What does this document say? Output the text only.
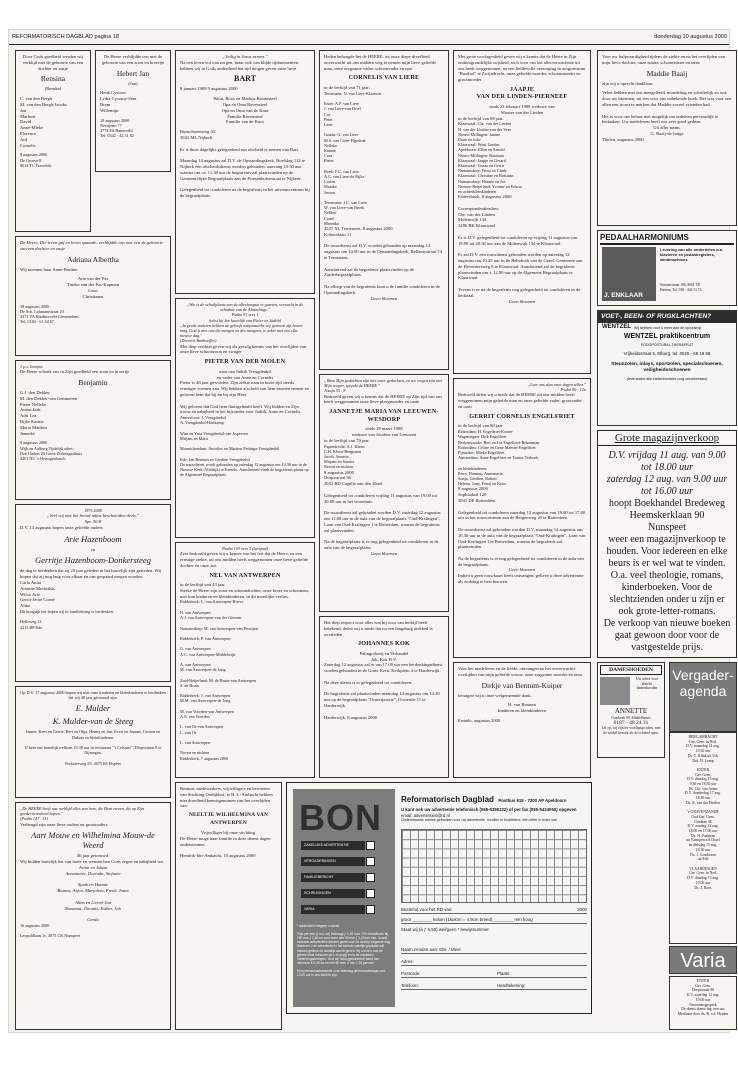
REFORMATORISCH DAGBLAD pagina 18	donderdag 10 augustus 2000
Door Gods goedheid werden wij verblijd met de geboorte van een dochter en zusje
Rensina
(Renske)
C. van den Bergh
M. van den Bergh-Jacobs
Jan
Marleen
David
Anne-Mieke
Florence
Ard
Cornelis
8 augustus 2000
De Groeve 8
8014 TC Frawelds
De Heere verblijdde ons met de geboorte van een zoon en broertje
Hebert Jan
(Jan)
Henk Cysouw
Lydia Cysouw-Sent
Bram
Willemijn
10 augustus 2000
Neerijnen 77
3772 ES Barneveld
Tel. 0342 - 42 31 82
De Heere, Die leven gaf en leven spaarde, verblijdde ons met een de geboorte van een dochter en zusje
Adriana Albertha
Wij noemen haar Anne-Bertine.
Arie van der Pas
Tineke van der Pas-Kapman
Leon
Christiaans
18 augustus 2000
De Sch. Lokmantstraat 20
3371 VA Hardinxveld-Giessendam
Tel. 0184 - 61 44 67
1 p.s. Ioanjus
De Heere schonk ons in Zijn goedheid een zoon en broertje
Benjamin
G.J. den Dekker
M. den Dekker-van Gemmeren
Pieter Nelleke
Anton Izak
Adri Lea
Bijke Karina
Maria Matthea
Janneke
8 augustus 2000
Wijk en Aalburg Tijdelijk adres:
Den Oudert 20 Groot Ziekengasthuis
4261 NC 's-Hertogenbosch
1975 2000
„Veel wij met het brood mijns beschoeiden deels."
Spr. 30:8
D.V. 14 augustus hopen onze geliefde ouders
Arie Hazenboom
en
Gerritje Hazenboom-Donkersteeg
de dag te herdenken dat zij 25 jaar geleden in het huwelijk zijn getreden. Wij hopen dat zij nog lang voor elkaar en ons gespaard mogen worden.
Carla Anita
Arianne Mechtilda
Wilco Arie
Gerrit-Jeroe Corné
Aline
Dit hoogtijk het hopen wij in familiekring te herdenken.

Holleweg 21
4213 BP Ede
Op D.V. 17 augustus 2000 hopen wij met onze kinderen en kleinkinderen te herdenken dat wij 40 jaar getrouwd zijn.
E. Mulder
K. Mulder-van de Steeg
Jannie, Kees en Gerrie, Bert en Olga, Henny en Jan, Evert en Joanne, Gossen en Dakota en kleinkinderen.

U bent ons hartelijk welkom 19.30 uur in restaurant "'t Celsiuss", Dorpsstraat 8 te Nijmegen.

Perkoterweg 55, 4075 BJ Elspeet
„De HEERE heeft ons verblijd alles van hem, die Hem vrezen, die op Zijn goedertierenheid hopen."
(Psalm 147 : 11)
Verheugd zijn onze lieve ouders en grootouders
Aart Mouw en Wilhelmina Mouw-de Weerd
40 jaar getrouwd.
Wij bidden hartelijk het van harte en wensen hen Gods zegen en nabijheid toe.
Arina en Johan
Annemarie, Dorinda, Stefanie

Sjaak en Hannie
Bianca, Arjen, Marjolein, Freek, Janet

Allen en Gerrit-Jan
Rozanna, Theunis, Esther, Job

Gerda
16 augustus 2000

Leopoldlaan 1c, 4073 CK Nunspeet
„Veilig in Jezus armen."
Na een leven vol van zorgen, maar ook van blijde tijdmomenten, hebben wij in Gods ondertheid het tijd mogen geven onze lieve
BART
8 januari 1909 9 augustus 2000
Wout, Roos en Mathijs Ravensteel
Opa en Oma Ravensteel
Opa en Oma van de Knot
Familie Ravensteel
Familie van de Knot
Bunschotenweg 63
3941 ML Nijkerk

Er is thuis dagelijks gelegenheid om afscheid te nemen van Bart.

Maandag 14 augustus zal D.V. de Opstandingskerk, Hoefslag 112 te Nijkerk een afscheidsdienst worden gehouden, aanvang 10.30 uur, waarna om ca. 11.30 uur de begrafenis zal plaatsvinden op de Gemeentelijke Begraafplaats aan de Prinsenhofsestraat te Nijkerk.

Gelegenheid tot condoleren na de begrafenis in het uitvaartcentrum bij de begraafplaats.
„Wie is de schuilplaats van de allerhoogste te gezeten, vernacht in de schaduw van de Almachtige."
Psalm 91 vers 1
(tekst bij het huwelijk van Pieter en Judith)
„In geede vaderen hebben de geloofs tempiasterks wij getroost zijt boven mag. God is met ons die morgen en des morgens, te zeker met ons elke nieuwe dag."
(Dietrich Bonhoeffer)
Met diep verdriet geven wij als gevolg kennis van het overlijden van onze lieve schoonzoon en zwager
PIETER VAN DER MOLEN
man van Judith Vreugdenhil
en vader van Anne en Cornelis
Pieter is 46 jaar geworden. Zijn ziekte nam in korte tijd steeds ernstiger vormen aan. Wij hebben afscheid van hem moeten nemen en geloven hem dat hij nu bij zijn Heer.

Wij geloven dat God hem thuisgehaald heeft. Wij bidden en Zijn troost en nabijheid in het bijzonder voor Judith, Anne en Cornelis.
Amersfoort: J. Vreugdenhil
A. Vreugdenhil-Hartkamp

Wim en Yma Vreugdenhil-van Aspersen
Mirjam en Marti

Monnickendam: Ansolies en Martien Pettinga-Vreugdenhil

Ede: Jan Bentum en Gerdine Vreugdenhil
De rouwdienst wordt gehouden op zaterdag 12 augustus om 10.30 uur in de Nieuwe Kerk (Voldrijk) te Ermelo. Aansluitend vindt de begrafenis plaats op de Algemene Begraafplaats.
Psalm 103 vers 3 (berijmd)
Zeer bedroefd geven wij u kennis van het feit dat de Heere, na een ernstige ziekte, uit ons midden heeft weggenomen onze lieve geliefde dochter en onze zus
NEL VAN ANTWERPEN
in de leeftijd van 43 jaar.
Sterke de Heere zijn zoon en schoondochter, onze broer en schoonzus, met hun kinderen en kleinkinderen, in dit moeilijke verlies.
Ridderkerk: L. van Antwerpen-Hoeve

H. van Antwerpen
A.J. van Antwerpen-van der Giessen

Numansdorp: M. van Antwerpen-van Prooijen

Ridderkerk: P. van Antwerpen

G. van Antwerpen
A.C. van Antwerpen-Middelwijk

A. van Antwerpen
M. van Antwerpen-de Jong

Zuid-Beijerland: M. de Bruin-van Antwerpen
S. de Bruin

Ridderkerk: J. van Antwerpen
M.M. van Antwerpen-de Jong

M. van Voorden-van Antwerpen
A.S. van Voorden

L. van Os-van Antwerpen
L. van Os

L. van Antwerpen

Neven en nichten
Ridderkerk, 7 augustus 2000
Bestuur, medewerkers, vrijwilligers en bewoners van Stichting Oudijkhof, te H.-I.-Ambacht hebben met droefheid kennisgenomen van het overlijden van
NEELTJE WILHELMINA VAN ANTWERPEN
Vrijwilliger bij onze stichting.
De Heere moge haar familie in deze dienst dagen ondersteunen.

Hendrik-Ido-Ambacht, 10 augustus 2000
Heden behaagde het de HEERE, tot onze diepe droefheid, onverwacht uit ons midden weg te nemen mijn lieve geliefde man, onze zorgzame vader, schoonvader en opa
CORNELIS VAN LIERE
in de leeftijd van 71 jaar.
Terneuzen: N. van Liere-Klaassen

Enter: A.P. van Liere
J. van Liere-van Driel
Cor
Peter
Leen

Gouda: G. van Liere
M.S. van Liere-Pijpelink
Nelleke
Rianne
Cora
Pieter

Boek: F.C. van Liere
A.C. van Liere-de Rijke
Corien
Maaike
Jeroen

Terneuzen: J.C. van Liere
W. van Liere-van Broek
Nelline
Corné
Marenka
4537 XL Terneuzen, 8 augustus 2000
Koboorlaan 11

De rouwdienst zal D.V. worden gehouden op maandag 14 augustus om 14.00 uur in de Opstandingskerk, Bellamystraat 74 te Terneuzen.

Aansluitend zal de begrafenis plaatsvinden op de Zuiderbegraafplaats.

Na afloop van de begrafenis kunt u de familie condoleren in de Opstandingskerk.
Geen bloemen
„Want Mijn gedachten zijn niet uwer gedachten, en uw wegen zijn niet Mijn wegen, spreekt de HEERE."
Jesaja 55 : 8
Bedroefd geven wij u kennis dat de HEERE op Zijn tijd van ons heeft weggenomen onze lieve pleegmoeder en tante
JANNETJE MARIA VAN LEEUWEN-WESDORP
sinds 18 maart 1988
weduwe van Jacobus van Leeuwen
in de leeftijd van 79 jaar.
Papendrecht: A.J. Kleen
C.H. Kleen-Bergmans
Jacob, Annette,
Mirjam en Sander
Neven en nichten
8 augustus 2000
Dorpsstraat 36
2952 BD Capelle aan den IJssel

Gelegenheid tot condoleren vrijdag 11 augustus van 19.00 tot 20.00 uur in het woonhuis.

De rouwdienst zal gehouden worden D.V. zaterdag 12 augustus om 11.00 uur in de aula van de begraafplaats "Oud-Kralingen", Laan van Oud-Kralingen 1 te Rotterdam, waarna de begrafenis zal plaatsvinden.

Na de begraafplaats is er nog gelegenheid tot condoleren in de aula van de begraafplaats.
Geen bloemen
Het diep respect voor alles wat hij voor ons bedrijf heeft betekend, delen wij u mede dat na een langdurig ziekbed is overleden
JOHANNES KOK
Palingrokerij en Vishandel
Joh. Kok B.V.
Zaterdag 12 augustus zal er om 17.00 uur een herdenkingsdienst worden gehouden in de Grote Kerk, Kerkplein 4 te Harderwijk.

Na deze dienst is er gelegenheid tot condoleren.

De begrafenis zal plaatsvinden maandag 14 augustus om 14.30 uur op de begraafplaats "Oosterpoorte", Oostende 11 te Harderwijk.

Harderwijk, 8 augustus 2000
Met grote verslagenheid geven wij u kennis dat de Heere in Zijn ondoorgrondelijke wijsheid, toch voor ons het allerverwachtste uit ons heeft weggenomen, na een liefdevolle verzorging in zorgcentrum "Rusthof" te Zwijndrecht, onze geliefde moeder, schoonmoeder en grootmoeder
JAAPJE
VAN DER LINDEN-PIERNEEF
sinds 23 februari 1988 weduwe van
Wouter van der Linden
in de leeftijd van 88 jaar.
Klaaswaal: Chr. van der Linden
H. van der Linden-van der Veer
Nieuw-Millingen: Janine
Daan en Joke
Klaaswaal: Wout Linden
Apeldoorn: Ellen en Arnold
Nieuw-Millingen: Bastiaan
Klaaswaal: Jaapje en Gerard
Klaaswaal: Gonia en Gerrit
Numansdorp: Wout en Cindy
Klaaswaal: Christine en Bastiaan
Numansdorp: Hannie en Jos
Nieuwe-Beijerland: Yvonne en Edwin
en achterkleinkinderen
Pattershoek, 8 augustus 2000

Correspondentieadres:
Chr. van der Linden
Molenwijk 134
3286 BK Klaaswaal

Er is D.V. gelegenheid tot condoleren op vrijdag 11 augustus van 19.00 tot 20.30 uur aan de Molenwijk 134 te Klaaswaal.

Er zal D.V. een rouwdienst gehouden worden op zaterdag 12 augustus om 10.45 uur in de Rehoboth van de Geref. Gemeente aan de Hoveniersweg 8 te Klaaswaal. Aansluitend zal de begrafenis plaatsvinden om ± 12.00 uur op de Algemene Begraafplaats te Klaaswaal.

Tevens is er na de begrafenis nog gelegenheid tot condoleren in de kerkzaal.
Geen bloemen
„Leer ons alzo onze dagen tellen."
Psalm 90 : 12a
Bedroefd delen wij u mede dat de HEERE uit ons midden heeft weggenomen mijn geliefde man en onze geliefde vader, grootvader en oom
GERRIT CORNELIS ENGELFRIET
in de leeftijd van 80 jaar.
Rotterdam: H. Engelfriet-Kooter
Wageningen: Dirk Engelfriet
Berkenwoude: Bert en Lia Engelfriet-Bekenman
Rotterdam: Celine en Gene Maestri-Engelfriet
Pijnacker: Mieke Engelfriet
Amsterdam: Anne Engelfriet en Tomas Verhoek

en kleinkinderen:
Petra, Harman, Annemarie,
Sonja, Gerdien, Robert
Helena, Joep, Fenaj en Koos
8 augustus 2000
Sophiadaal 120
3041 DE Rotterdam

Gelegenheid tot condoleren zaterdag 12 augustus van 18.00 tot 17.00 uur in het rouwcentrum aan de Bergenweg 20 te Rotterdam.

De rouwdienst zal gehouden worden D.V. maandag 14 augustus om 10.30 uur in de aula van de begraafplaats "Oud-Kralingen", Laan van Oud-Kralingen 1 te Rotterdam, waarna de begrafenis zal plaatsvinden.

Na de begrafenis is er nog gelegenheid tot condoleren in de aula van de begraafplaats.
Geen bloemen
Indien u geen rouwkaart heeft ontvangen, gelieve u deze advertentie als zodanig te beschouwen.
Voor het medeleven en de liefde, ontvangen na het onverwachte overlijden van mijn geliefde vrouw, onze zorgzame moeder en oma
Dirkje van Bentum-Kuiper
betuigen wij u onze welgemeende dank.
H. van Bentum
kinderen en kleinkinderen
Ermelo, augustus 2000
Voor uw hulpvaardigheid tijdens de ziekte en na het overlijden van mijn lieve dochter, onze zuster, schoonzuster en tante
Maddie Baaij
zijn wij u oprecht dankbaar.
Velen hebben met ons meegeleefd, mondeling en schriftelijk en ook door uw bloemen, uit een voor ons onbekende hoek. Het was voor ons allen een troost te merken dat Maddie zoveel vrienden had.

Het is voor ons helaas niet mogelijk om iedereen persoonlijk te bedanken. Uw medeleven heeft ons zeer goed gedaan.
Uit aller naam,
G. Baaij-de Jonge
Tholen, augustus 2000
PEDAALHARMONIUMS
J. ENKLAAR
Levering van alle onderdelen o.a. klavieren en pedaalregisters, windmachines
Stationsstraat 186, 8061 TD
Hattem, Tel. 038 - 444 31 74
VOET-, BEEN- OF RUGKLACHTEN?
WENTZEL Wij hebben voor u meer dan de oplossing!
WENTZEL praktikcentrum
PODOPOSTURAL THERAPEUT
Vrijheidsstraat 6, Elburg, tel. 0525 - 69 19 59
Steunzolen, inlays, sportzolen, specialschoenen, veiligheidsschoenen
(leverancier alle ziekenfondsen zorg-verzekeraars)
Grote magazijnverkoop
D.V. vrijdag 11 aug. van 9.00
tot 18.00 uur
zaterdag 12 aug. van 9.00 uur
tot 16.00 uur
hoopt Boekhandel Bredeweg
Heemskerklaan 90
Nunspeet
weer een magazijnverkoop te houden. Voor iedereen en elke beurs is er wel wat te vinden. O.a. veel theologie, romans, kinderboeken. Voor de slechtzienden onder u zijn er ook grote-letter-romans.
De verkoop van nieuwe boeken gaat gewoon door voor de vastgestelde prijs.
DAMESHOEDEN
Uw adres voor
allerlei dameshoeden
ANNETTE
Oosthoek 90, Middelharnis
0187 - 48 24 31
Let op, wij zijn ter voorlopige adres, met de winkel bezoek als de ochtend open.
Vergader-agenda
BERGAMBACHT
Ger. Gem. in Ned.
D.V. maandag 14 aug.
19.30 uur
Ds. Y. Klink uit Urk
Drd. H. Lemp

ENTER
Ger. Gem.
D.V. dinsdag 15 aug.
9.30 en 18.30 uur
Ds. Chr. van Aalen
D.V. donderdag 17 aug.
18.30 uur
Ds. R. van der Heiden

's-GRAVENZANDE
Oud Ger. Gem.
Ganlaan 48
D.V. zondag 13 aug.
18.00 en 17.00 uur
Ds. H. Paalman
uit Krimpen a/d IJssel
en dinsdag 15 aug.
18.30 uur
Ds. J. Goudriaan
uit Ede

VLAARDINGEN
Ger. Gem. in Ned.
D.V. dinsdag 15 aug.
19.00 uur
Ds. J. Roos
Varia
ENTER
Ger. Gem.
Dorpsstraat 80
D.V. zaterdag 12 aug.
19.00 uur
Pastoraatsgesprek
De dienst dienst ing. een uur
Meditatie door ds. B. v.d. Heiden
BON
ZAKELIJKE ADVERTENTIE
VERGADERINGEN
FAMILIEBERICHT
SCHRIJVINGEN
VARIA
* aankruisen hetgeen u wenst

Prijs per mm (1 kol. en) bedraagt ƒ 1,25 voor 70% bruto/bruto bij 150 mm ƒ 1,60 en voor meer dan 50 mm ƒ 1,19 per mm. Vooraf betaalde advertenties worden gezet voor de daarop volgende dag. Wanneer u de advertentie in het tweede zakelijk geplaatst wilt hebben gelieve dit duidelijk aan te geven. Bij u kunt u ook de gehele tekst toesturen (b.v. in kopij) en in de rubrieken Varia/Vergaderingen. Voor de Varia (gesorteerd) tarief mm minimum € 2,45 tot en met 50 mm. 1 mm 1,33 per mm

Een persoonsadvertentie voor zaterdag dient donderdags voor 13.00 uur in ons bezit te zijn.
Reformatorisch Dagblad Postbus 615 - 7300 AP Apeldoorn
U kunt ook uw advertentie telefonisch (055-5390222) of per fax (055-5424060) opgeven
email: advertenties@rd.nl
Onderstaande rubriek gebruiken voor uw advertentie. Invullen in blokletters, één letter in ieder vak
Bestemd voor het RD van:	2000
groot ________ kolom (1kolom = 4.9cm breed) ________ mm hoog
Staat wij (à ƒ 5,50) wel/geen * bewijsnummer.
Naam zenden aan: Dhr. / Mevr.
Adres:
Postcode:	Plaats:
Telefoon:	Handtekening:
